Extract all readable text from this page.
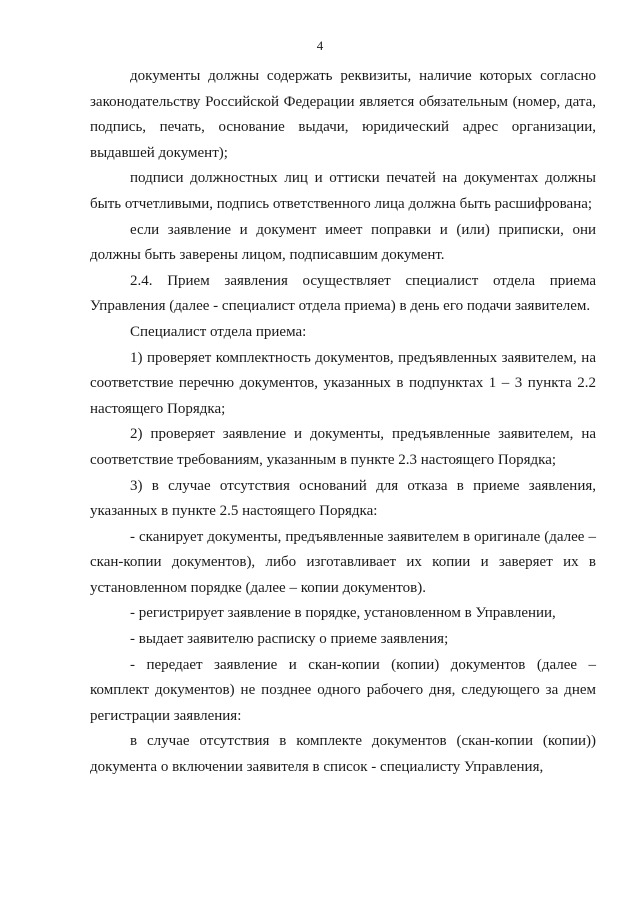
4

документы должны содержать реквизиты, наличие которых согласно законодательству Российской Федерации является обязательным (номер, дата, подпись, печать, основание выдачи, юридический адрес организации, выдавшей документ);

подписи должностных лиц и оттиски печатей на документах должны быть отчетливыми, подпись ответственного лица должна быть расшифрована;

если заявление и документ имеет поправки и (или) приписки, они должны быть заверены лицом, подписавшим документ.

2.4. Прием заявления осуществляет специалист отдела приема Управления (далее - специалист отдела приема) в день его подачи заявителем.

Специалист отдела приема:

1) проверяет комплектность документов, предъявленных заявителем, на соответствие перечню документов, указанных в подпунктах 1 – 3 пункта 2.2 настоящего Порядка;

2) проверяет заявление и документы, предъявленные заявителем, на соответствие требованиям, указанным в пункте 2.3 настоящего Порядка;

3) в случае отсутствия оснований для отказа в приеме заявления, указанных в пункте 2.5 настоящего Порядка:

- сканирует документы, предъявленные заявителем в оригинале (далее – скан-копии документов), либо изготавливает их копии и заверяет их в установленном порядке (далее – копии документов).

- регистрирует заявление в порядке, установленном в Управлении,

- выдает заявителю расписку о приеме заявления;

- передает заявление и скан-копии (копии) документов (далее – комплект документов) не позднее одного рабочего дня, следующего за днем регистрации заявления:

в случае отсутствия в комплекте документов (скан-копии (копии)) документа о включении заявителя в список - специалисту Управления,
